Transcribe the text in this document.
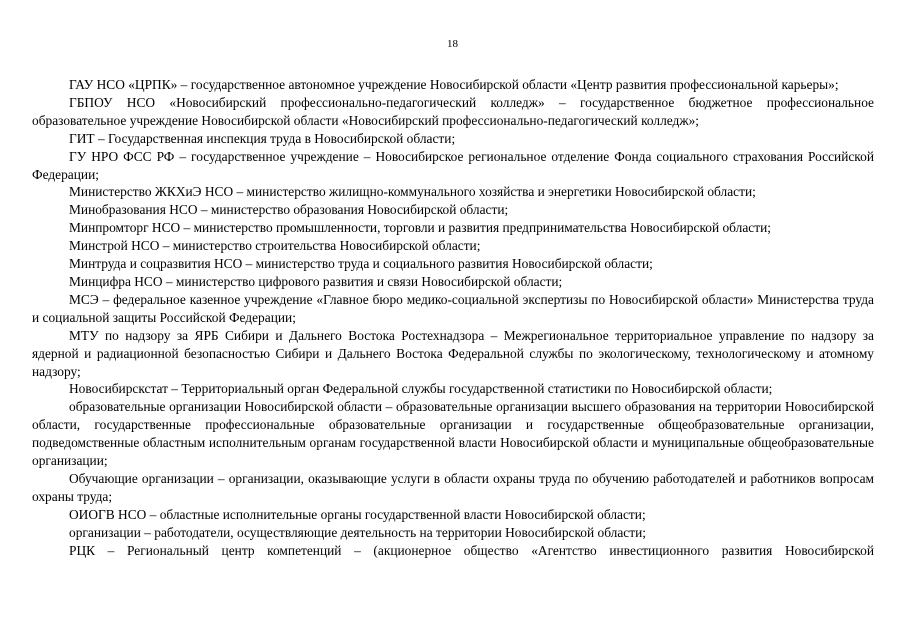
18

ГАУ НСО «ЦРПК» – государственное автономное учреждение Новосибирской области «Центр развития профессиональной карьеры»;

ГБПОУ НСО «Новосибирский профессионально-педагогический колледж» – государственное бюджетное профессиональное образовательное учреждение Новосибирской области «Новосибирский профессионально-педагогический колледж»;

ГИТ – Государственная инспекция труда в Новосибирской области;

ГУ НРО ФСС РФ – государственное учреждение – Новосибирское региональное отделение Фонда социального страхования Российской Федерации;

Министерство ЖКХиЭ НСО – министерство жилищно-коммунального хозяйства и энергетики Новосибирской области;

Минобразования НСО – министерство образования Новосибирской области;

Минпромторг НСО – министерство промышленности, торговли и развития предпринимательства Новосибирской области;

Минстрой НСО – министерство строительства Новосибирской области;

Минтруда и соцразвития НСО – министерство труда и социального развития Новосибирской области;

Минцифра НСО – министерство цифрового развития и связи Новосибирской области;

МСЭ – федеральное казенное учреждение «Главное бюро медико-социальной экспертизы по Новосибирской области» Министерства труда и социальной защиты Российской Федерации;

МТУ по надзору за ЯРБ Сибири и Дальнего Востока Ростехнадзора – Межрегиональное территориальное управление по надзору за ядерной и радиационной безопасностью Сибири и Дальнего Востока Федеральной службы по экологическому, технологическому и атомному надзору;

Новосибирскстат – Территориальный орган Федеральной службы государственной статистики по Новосибирской области;

образовательные организации Новосибирской области – образовательные организации высшего образования на территории Новосибирской области, государственные профессиональные образовательные организации и государственные общеобразовательные организации, подведомственные областным исполнительным органам государственной власти Новосибирской области и муниципальные общеобразовательные организации;

Обучающие организации – организации, оказывающие услуги в области охраны труда по обучению работодателей и работников вопросам охраны труда;

ОИОГВ НСО – областные исполнительные органы государственной власти Новосибирской области;

организации – работодатели, осуществляющие деятельность на территории Новосибирской области;

РЦК – Региональный центр компетенций – (акционерное общество «Агентство инвестиционного развития Новосибирской
